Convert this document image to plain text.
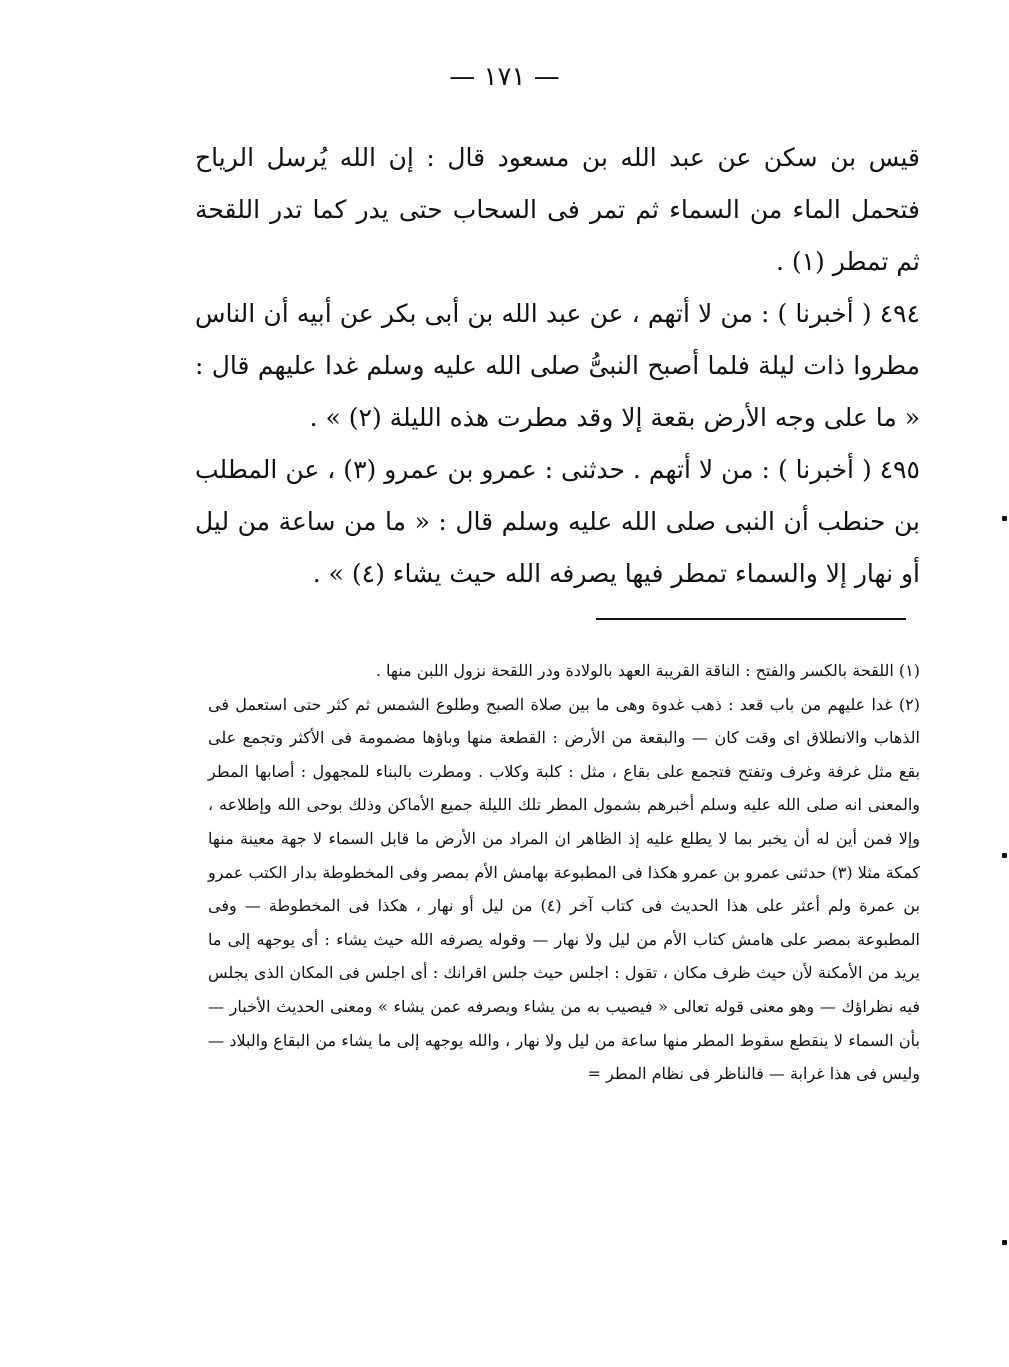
— ١٧١ —

قيس بن سكن عن عبد الله بن مسعود قال : إن الله يُرسل الرياح فتحمل الماء من السماء ثم تمر فى السحاب حتى يدر كما تدر اللقحة ثم تمطر (١) .

٤٩٤ ( أخبرنا ) : من لا أتهم ، عن عبد الله بن أبى بكر عن أبيه أن الناس مطروا ذات ليلة فلما أصبح النبىُّ صلى الله عليه وسلم غدا عليهم قال : « ما على وجه الأرض بقعة إلا وقد مطرت هذه الليلة (٢) » .

٤٩٥ ( أخبرنا ) : من لا أتهم . حدثنى : عمرو بن عمرو (٣) ، عن المطلب بن حنطب أن النبى صلى الله عليه وسلم قال : « ما من ساعة من ليل أو نهار إلا والسماء تمطر فيها يصرفه الله حيث يشاء (٤) » .

(١) اللقحة بالكسر والفتح : الناقة القريبة العهد بالولادة ودر اللقحة نزول اللبن منها .

(٢) غدا عليهم من باب قعد : ذهب غدوة وهى ما بين صلاة الصبح وطلوع الشمس ثم كثر حتى استعمل فى الذهاب والانطلاق اى وقت كان — والبقعة من الأرض : القطعة منها وباؤها مضمومة فى الأكثر وتجمع على بقع مثل غرفة وغرف وتفتح فتجمع على بقاع ، مثل : كلبة وكلاب . ومطرت بالبناء للمجهول : أصابها المطر والمعنى انه صلى الله عليه وسلم أخبرهم بشمول المطر تلك الليلة جميع الأماكن وذلك بوحى الله وإطلاعه ، وإلا فمن أين له أن يخبر بما لا يطلع عليه إذ الظاهر ان المراد من الأرض ما قابل السماء لا جهة معينة منها كمكة مثلا (٣) حدثنى عمرو بن عمرو هكذا فى المطبوعة بهامش الأم بمصر وفى المخطوطة بدار الكتب عمرو بن عمرة ولم أعثر على هذا الحديث فى كتاب آخر (٤) من ليل أو نهار ، هكذا فى المخطوطة — وفى المطبوعة بمصر على هامش كتاب الأم من ليل ولا نهار — وقوله يصرفه الله حيث يشاء : أى يوجهه إلى ما يريد من الأمكنة لأن حيث ظرف مكان ، تقول : اجلس حيث جلس اقرانك : أى اجلس فى المكان الذى يجلس فيه نظراؤك — وهو معنى قوله تعالى « فيصيب به من يشاء ويصرفه عمن يشاء » ومعنى الحديث الأخبار — بأن السماء لا ينقطع سقوط المطر منها ساعة من ليل ولا نهار ، والله يوجهه إلى ما يشاء من البقاع والبلاد — وليس فى هذا غرابة — فالناظر فى نظام المطر =
